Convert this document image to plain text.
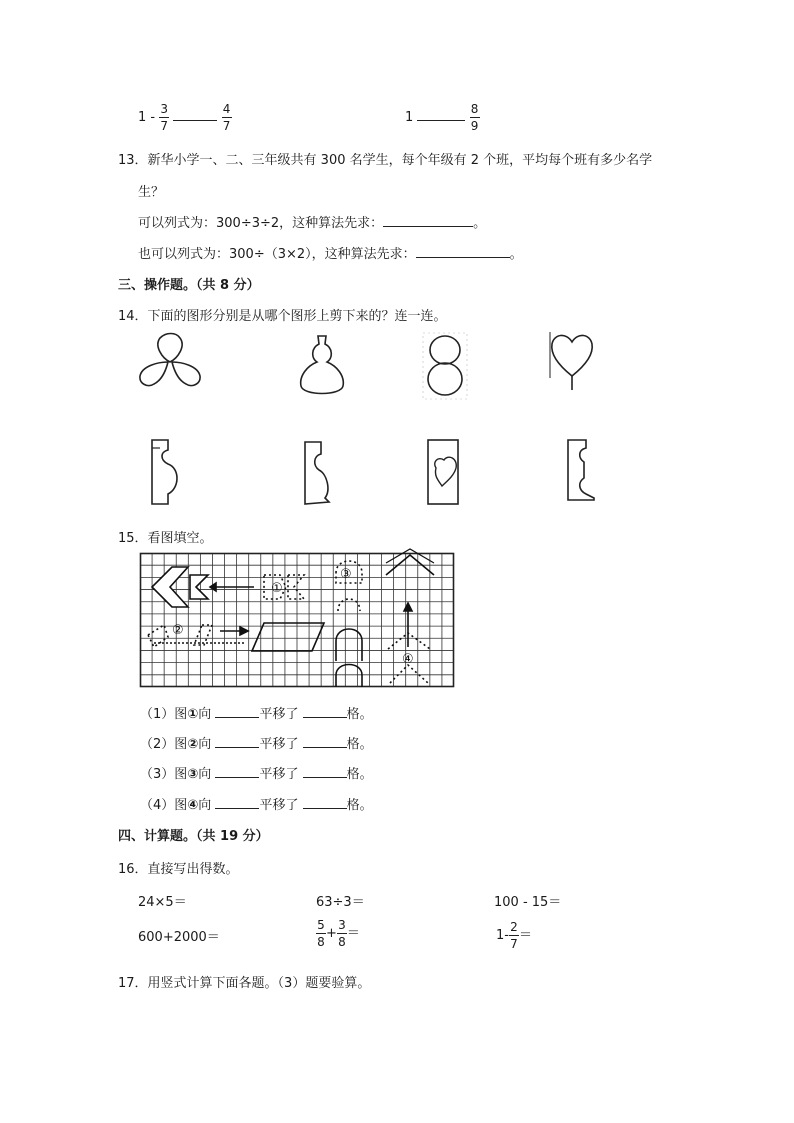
$1 - \frac{3}{7}$
	$\frac{4}{7}$	1	$\frac{8}{9}$
13．新华小学一、二、三年级共有 300 名学生，每个年级有 2 个班，平均每个班有多少名学
生？
可以列式为：300÷3÷2，这种算法先求：	。
也可以列式为：300÷（3×2），这种算法先求：	。
三、操作题。（共 8 分）
14．下面的图形分别是从哪个图形上剪下来的？连一连。
15．看图填空。
①
②
③
④
（1）图①向	平移了	格。
（2）图②向	平移了	格。
（3）图③向	平移了	格。
（4）图④向	平移了	格。
四、计算题。（共 19 分）
16．直接写出得数。
24×5＝	63÷3＝	100 - 15＝
600+2000＝	$\frac{5}{8} + \frac{3}{8}$ ＝	$1- \frac{2}{7}$ ＝
17．用竖式计算下面各题。（3）题要验算。
